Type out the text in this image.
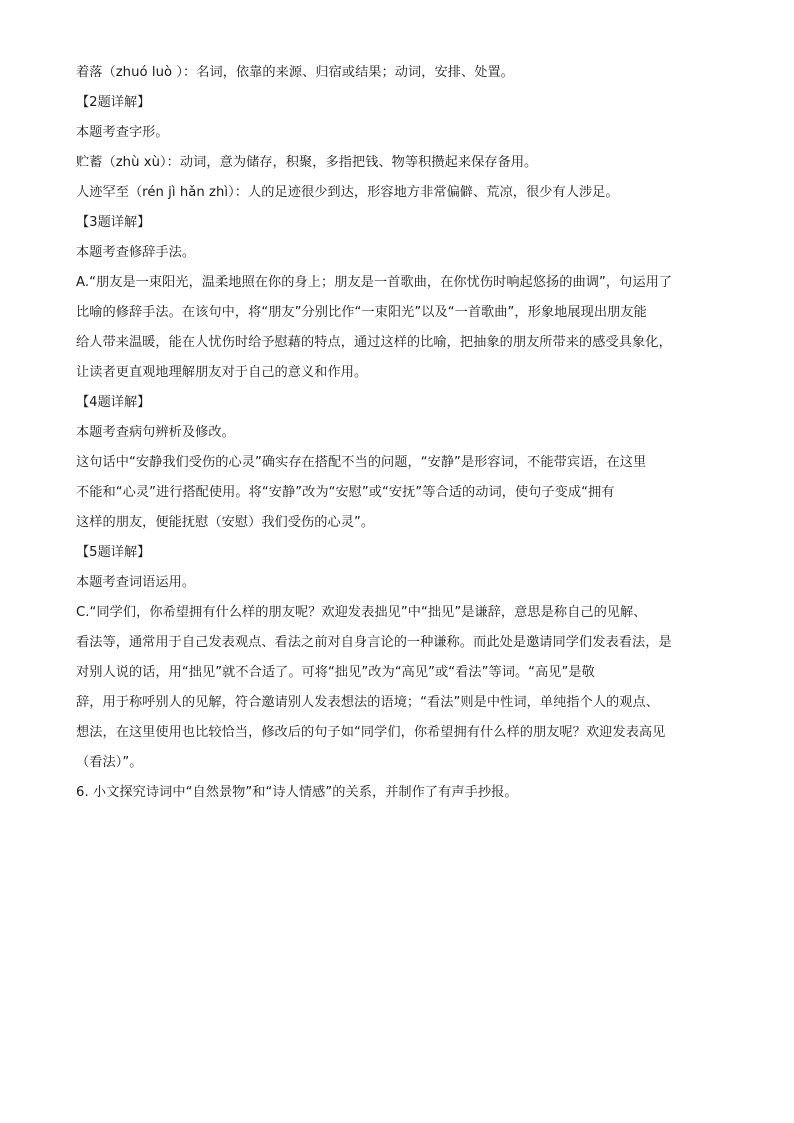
着落（zhuó luò ）：名词，依靠的来源、归宿或结果；动词，安排、处置。
【2题详解】
本题考查字形。
贮蓄（zhù xù）：动词，意为储存，积聚，多指把钱、物等积攒起来保存备用。
人迹罕至（rén jì hǎn zhì）：人的足迹很少到达，形容地方非常偏僻、荒凉，很少有人涉足。
【3题详解】
本题考查修辞手法。
A.“朋友是一束阳光，温柔地照在你的身上；朋友是一首歌曲，在你忧伤时响起悠扬的曲调”，句运用了
比喻的修辞手法。在该句中，将“朋友”分别比作“一束阳光”以及“一首歌曲”，形象地展现出朋友能
给人带来温暖，能在人忧伤时给予慰藉的特点，通过这样的比喻，把抽象的朋友所带来的感受具象化，
让读者更直观地理解朋友对于自己的意义和作用。
【4题详解】
本题考查病句辨析及修改。
这句话中“安静我们受伤的心灵”确实存在搭配不当的问题，“安静”是形容词，不能带宾语，在这里
不能和“心灵”进行搭配使用。将“安静”改为“安慰”或“安抚”等合适的动词，使句子变成“拥有
这样的朋友，便能抚慰（安慰）我们受伤的心灵”。
【5题详解】
本题考查词语运用。
C.“同学们，你希望拥有什么样的朋友呢？欢迎发表拙见”中“拙见”是谦辞，意思是称自己的见解、
看法等，通常用于自己发表观点、看法之前对自身言论的一种谦称。而此处是邀请同学们发表看法，是
对别人说的话，用“拙见”就不合适了。可将“拙见”改为“高见”或“看法”等词。“高见”是敬
辞，用于称呼别人的见解，符合邀请别人发表想法的语境；“看法”则是中性词，单纯指个人的观点、
想法，在这里使用也比较恰当，修改后的句子如“同学们，你希望拥有什么样的朋友呢？欢迎发表高见
（看法）”。
6. 小文探究诗词中“自然景物”和“诗人情感”的关系，并制作了有声手抄报。
